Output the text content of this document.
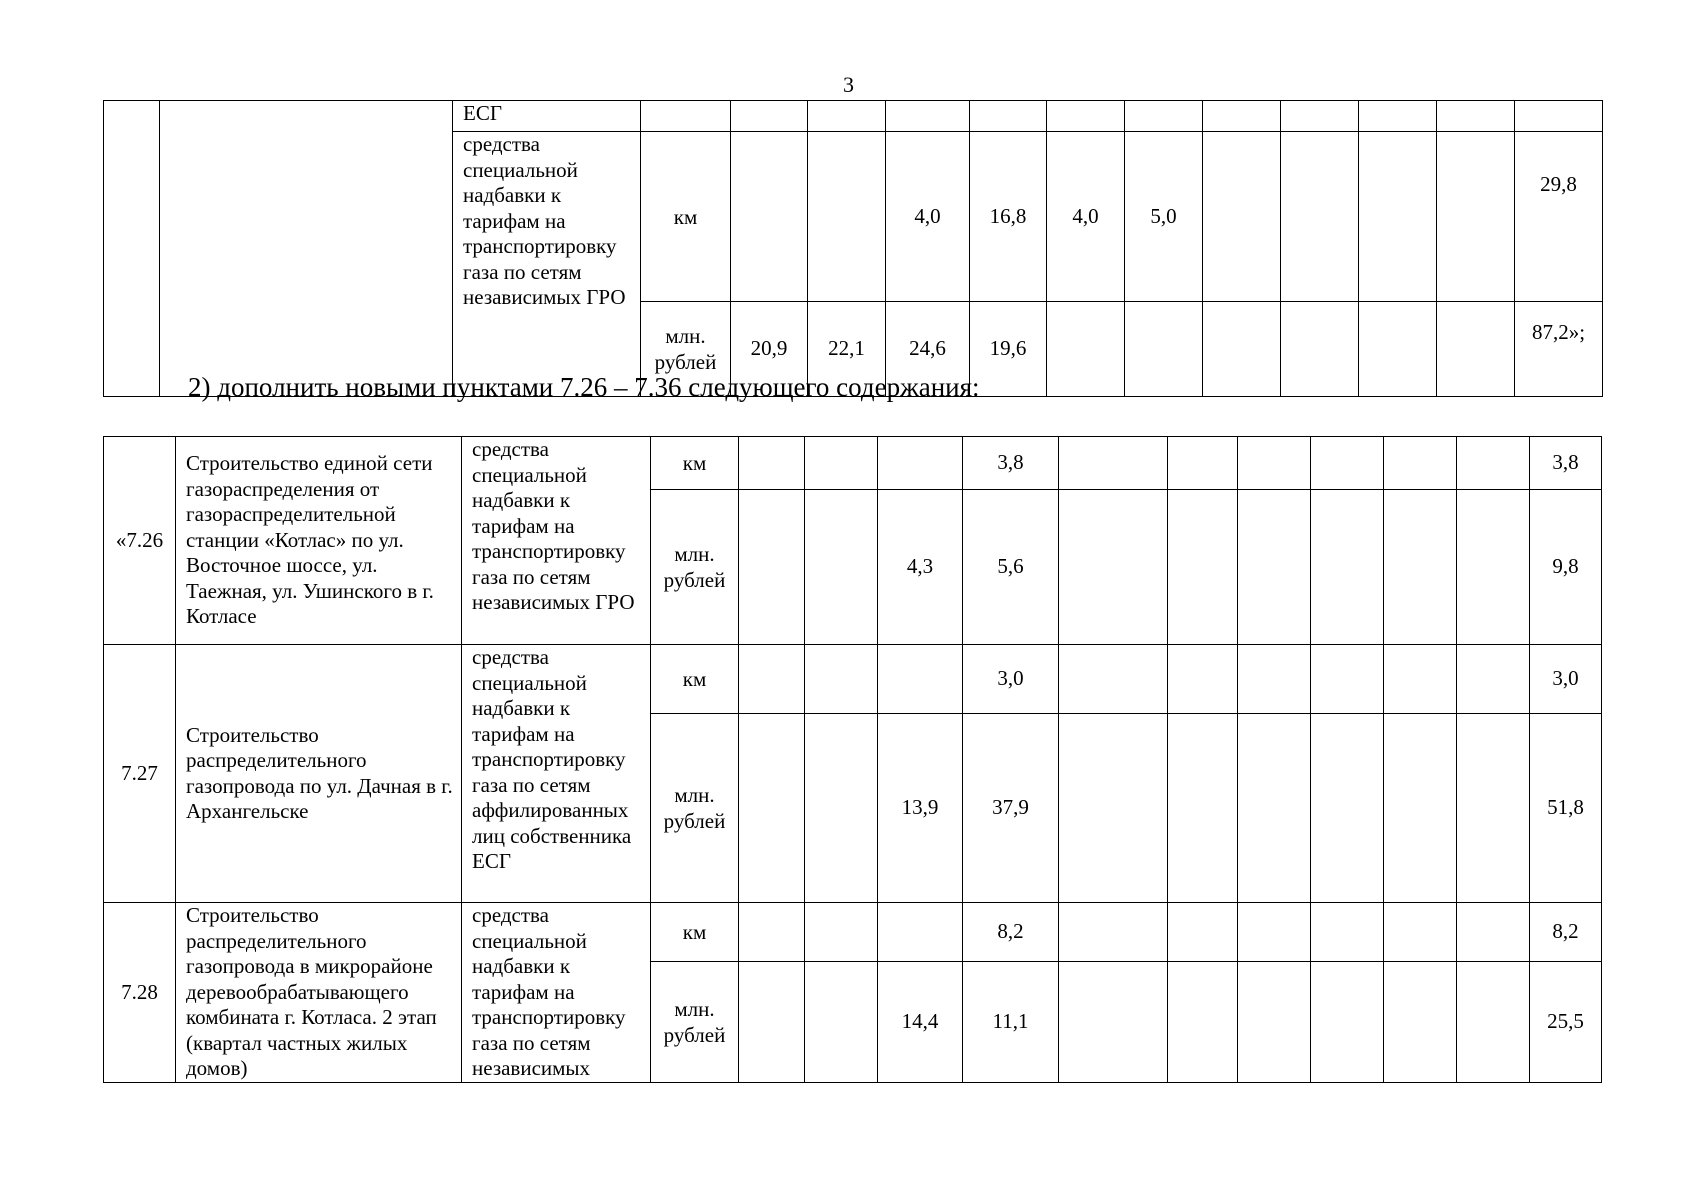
3
		ЕСГ												
		средства специальной надбавки к тарифам на транспортировку газа по сетям независимых ГРО	км			4,0	16,8	4,0	5,0					29,8
			млн. рублей	20,9	22,1	24,6	19,6							87,2»;
2) дополнить новыми пунктами 7.26 – 7.36 следующего содержания:
«7.26	Строительство единой сети газораспределения от газораспределительной станции «Котлас» по ул. Восточное шоссе, ул. Таежная, ул. Ушинского в г. Котласе	средства специальной надбавки к тарифам на транспортировку газа по сетям независимых ГРО	км				3,8							3,8
			млн. рублей			4,3	5,6							9,8
7.27	Строительство распределительного газопровода по ул. Дачная в г. Архангельске	средства специальной надбавки к тарифам на транспортировку газа по сетям аффилированных лиц собственника ЕСГ	км				3,0							3,0
			млн. рублей			13,9	37,9							51,8
7.28	Строительство распределительного газопровода в микрорайоне деревообрабатывающего комбината г. Котласа. 2 этап (квартал частных жилых домов)	средства специальной надбавки к тарифам на транспортировку газа по сетям независимых	км				8,2							8,2
			млн. рублей			14,4	11,1							25,5
